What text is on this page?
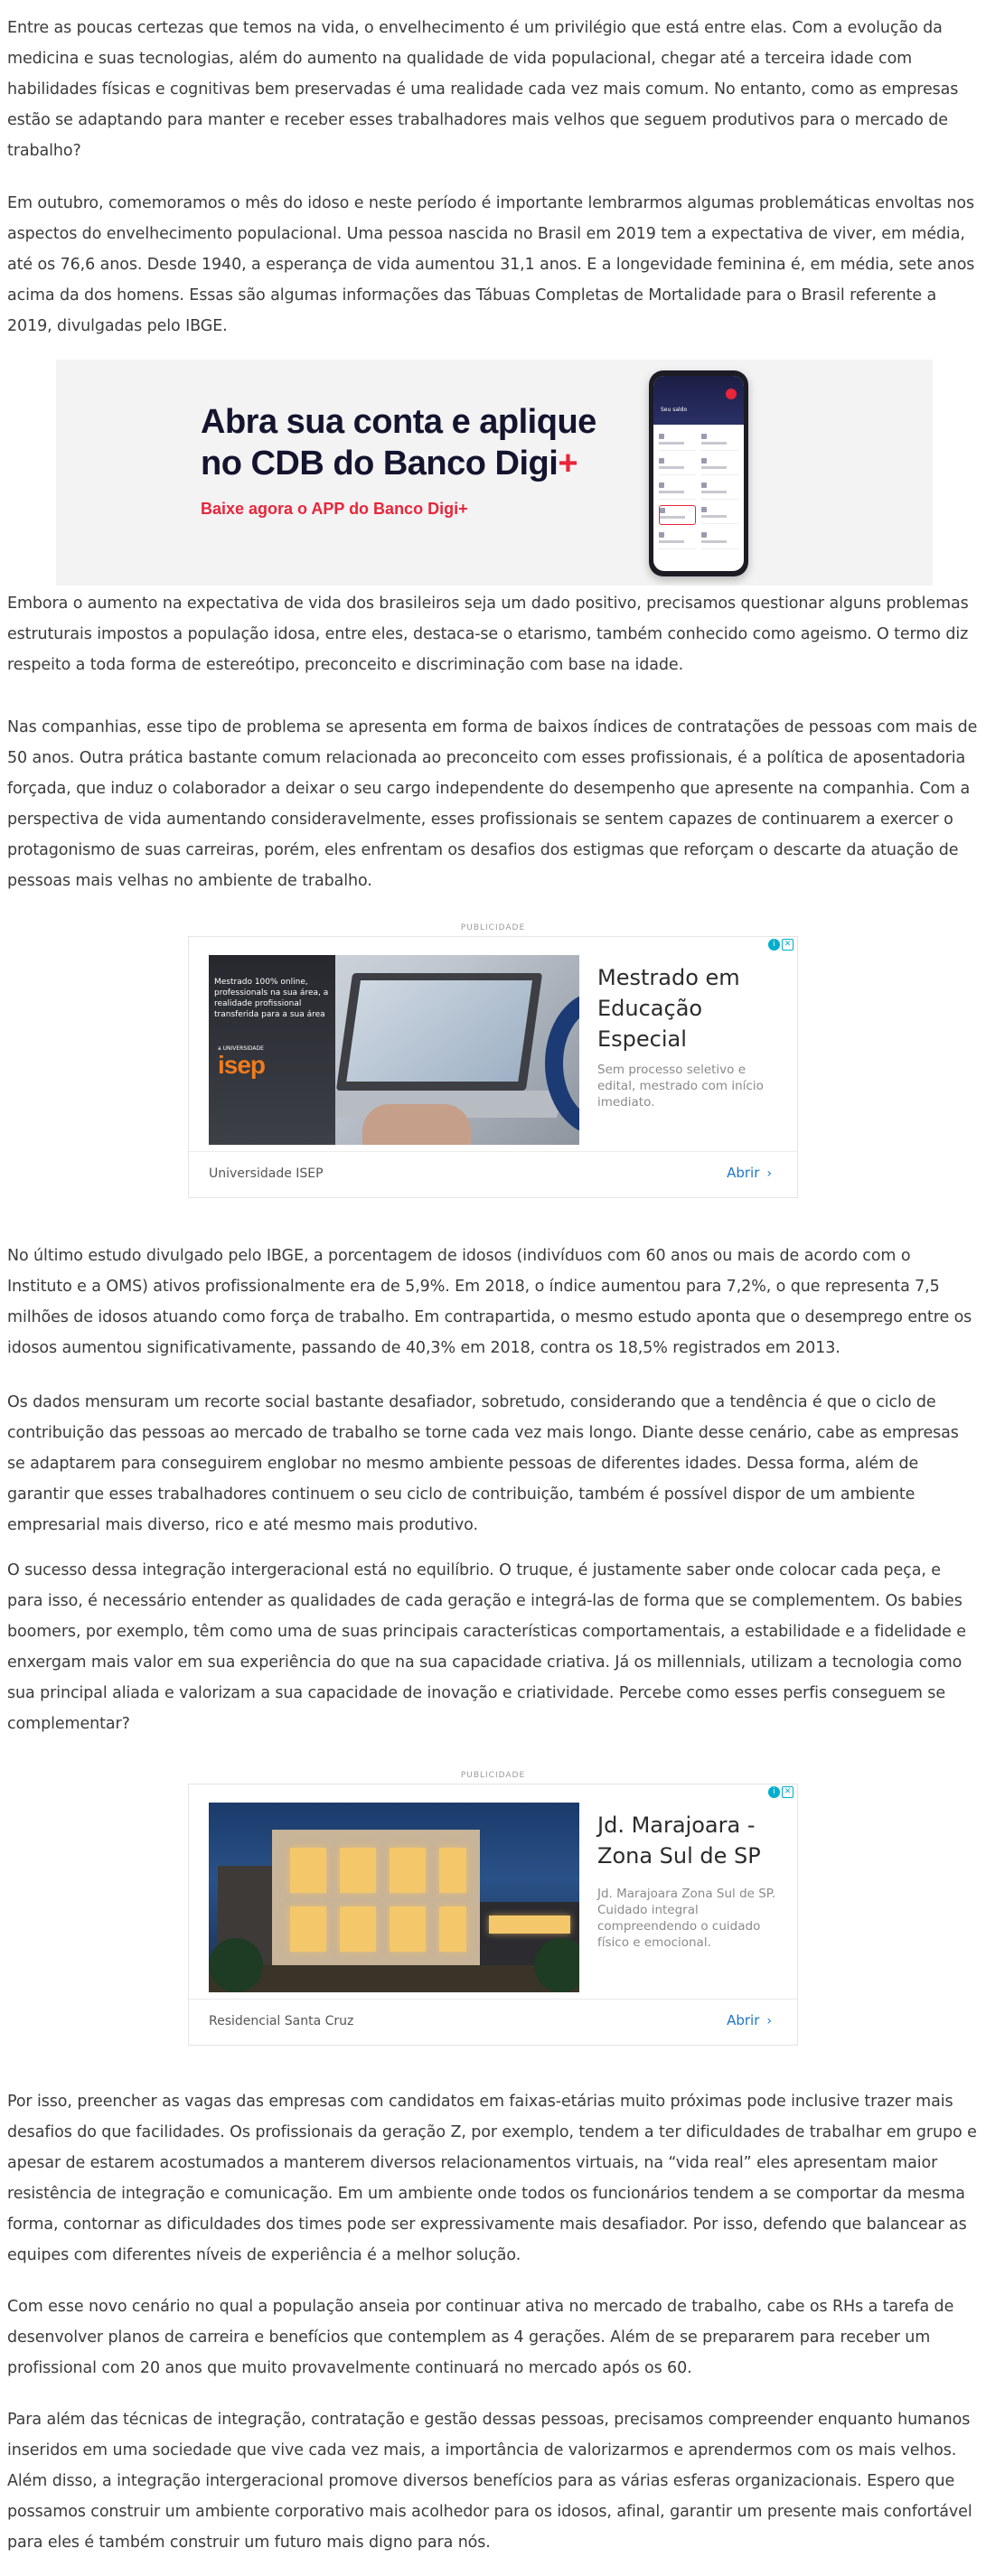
Entre as poucas certezas que temos na vida, o envelhecimento é um privilégio que está entre elas. Com a evolução da medicina e suas tecnologias, além do aumento na qualidade de vida populacional, chegar até a terceira idade com habilidades físicas e cognitivas bem preservadas é uma realidade cada vez mais comum. No entanto, como as empresas estão se adaptando para manter e receber esses trabalhadores mais velhos que seguem produtivos para o mercado de trabalho?

Em outubro, comemoramos o mês do idoso e neste período é importante lembrarmos algumas problemáticas envoltas nos aspectos do envelhecimento populacional. Uma pessoa nascida no Brasil em 2019 tem a expectativa de viver, em média, até os 76,6 anos. Desde 1940, a esperança de vida aumentou 31,1 anos. E a longevidade feminina é, em média, sete anos acima da dos homens. Essas são algumas informações das Tábuas Completas de Mortalidade para o Brasil referente a 2019, divulgadas pelo IBGE.

Abra sua conta e aplique
no CDB do Banco Digi+
Baixe agora o APP do Banco Digi+
Seu saldo

Embora o aumento na expectativa de vida dos brasileiros seja um dado positivo, precisamos questionar alguns problemas estruturais impostos a população idosa, entre eles, destaca-se o etarismo, também conhecido como ageismo. O termo diz respeito a toda forma de estereótipo, preconceito e discriminação com base na idade.

Nas companhias, esse tipo de problema se apresenta em forma de baixos índices de contratações de pessoas com mais de 50 anos. Outra prática bastante comum relacionada ao preconceito com esses profissionais, é a política de aposentadoria forçada, que induz o colaborador a deixar o seu cargo independente do desempenho que apresente na companhia. Com a perspectiva de vida aumentando consideravelmente, esses profissionais se sentem capazes de continuarem a exercer o protagonismo de suas carreiras, porém, eles enfrentam os desafios dos estigmas que reforçam o descarte da atuação de pessoas mais velhas no ambiente de trabalho.

PUBLICIDADE
i	✕
Mestrado 100% online, professionals na sua área, a realidade profissional transferida para a sua área
a UNIVERSIDADE
isep
Mestrado em Educação Especial
Sem processo seletivo e edital, mestrado com início imediato.
Universidade ISEP	Abrir ›

No último estudo divulgado pelo IBGE, a porcentagem de idosos (indivíduos com 60 anos ou mais de acordo com o Instituto e a OMS) ativos profissionalmente era de 5,9%. Em 2018, o índice aumentou para 7,2%, o que representa 7,5 milhões de idosos atuando como força de trabalho. Em contrapartida, o mesmo estudo aponta que o desemprego entre os idosos aumentou significativamente, passando de 40,3% em 2018, contra os 18,5% registrados em 2013.

Os dados mensuram um recorte social bastante desafiador, sobretudo, considerando que a tendência é que o ciclo de contribuição das pessoas ao mercado de trabalho se torne cada vez mais longo. Diante desse cenário, cabe as empresas se adaptarem para conseguirem englobar no mesmo ambiente pessoas de diferentes idades. Dessa forma, além de garantir que esses trabalhadores continuem o seu ciclo de contribuição, também é possível dispor de um ambiente empresarial mais diverso, rico e até mesmo mais produtivo.

O sucesso dessa integração intergeracional está no equilíbrio. O truque, é justamente saber onde colocar cada peça, e para isso, é necessário entender as qualidades de cada geração e integrá-las de forma que se complementem. Os babies boomers, por exemplo, têm como uma de suas principais características comportamentais, a estabilidade e a fidelidade e enxergam mais valor em sua experiência do que na sua capacidade criativa. Já os millennials, utilizam a tecnologia como sua principal aliada e valorizam a sua capacidade de inovação e criatividade. Percebe como esses perfis conseguem se complementar?

PUBLICIDADE
i	✕
Jd. Marajoara - Zona Sul de SP
Jd. Marajoara Zona Sul de SP. Cuidado integral compreendendo o cuidado físico e emocional.
Residencial Santa Cruz	Abrir ›

Por isso, preencher as vagas das empresas com candidatos em faixas-etárias muito próximas pode inclusive trazer mais desafios do que facilidades. Os profissionais da geração Z, por exemplo, tendem a ter dificuldades de trabalhar em grupo e apesar de estarem acostumados a manterem diversos relacionamentos virtuais, na “vida real” eles apresentam maior resistência de integração e comunicação. Em um ambiente onde todos os funcionários tendem a se comportar da mesma forma, contornar as dificuldades dos times pode ser expressivamente mais desafiador. Por isso, defendo que balancear as equipes com diferentes níveis de experiência é a melhor solução.

Com esse novo cenário no qual a população anseia por continuar ativa no mercado de trabalho, cabe os RHs a tarefa de desenvolver planos de carreira e benefícios que contemplem as 4 gerações. Além de se prepararem para receber um profissional com 20 anos que muito provavelmente continuará no mercado após os 60.

Para além das técnicas de integração, contratação e gestão dessas pessoas, precisamos compreender enquanto humanos inseridos em uma sociedade que vive cada vez mais, a importância de valorizarmos e aprendermos com os mais velhos. Além disso, a integração intergeracional promove diversos benefícios para as várias esferas organizacionais. Espero que possamos construir um ambiente corporativo mais acolhedor para os idosos, afinal, garantir um presente mais confortável para eles é também construir um futuro mais digno para nós.
